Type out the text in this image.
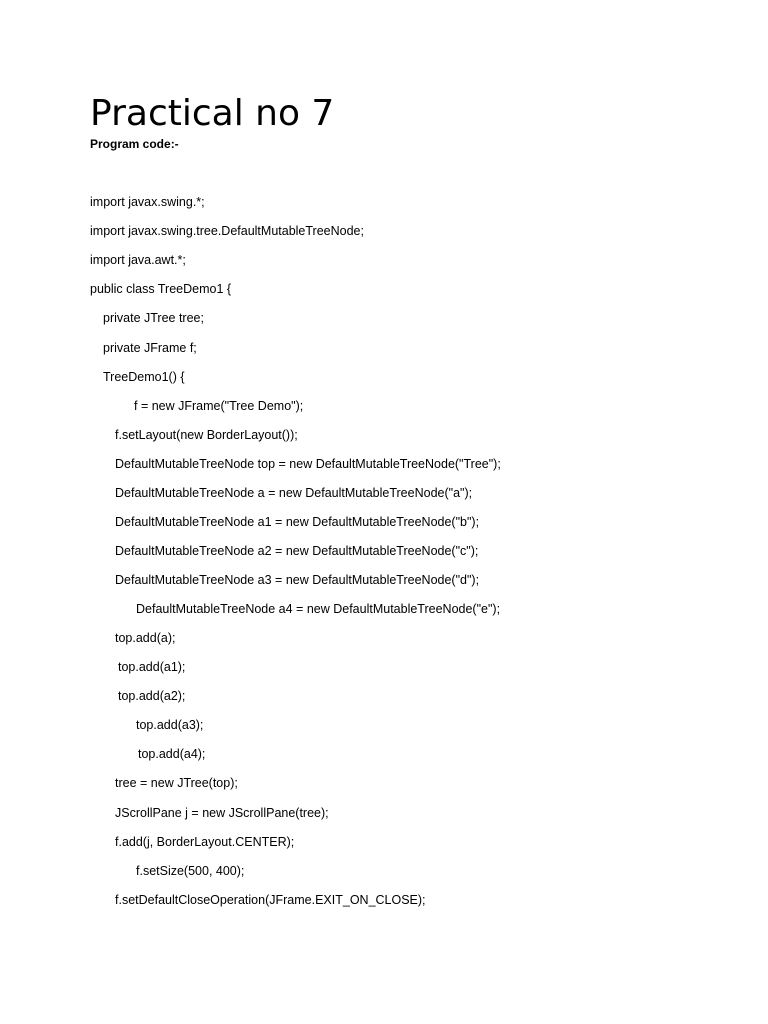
Practical no 7
Program code:-
import javax.swing.*;
import javax.swing.tree.DefaultMutableTreeNode;
import java.awt.*;
public class TreeDemo1 {
private JTree tree;
private JFrame f;
TreeDemo1() {
f = new JFrame("Tree Demo");
f.setLayout(new BorderLayout());
DefaultMutableTreeNode top = new DefaultMutableTreeNode("Tree");
DefaultMutableTreeNode a = new DefaultMutableTreeNode("a");
DefaultMutableTreeNode a1 = new DefaultMutableTreeNode("b");
DefaultMutableTreeNode a2 = new DefaultMutableTreeNode("c");
DefaultMutableTreeNode a3 = new DefaultMutableTreeNode("d");
DefaultMutableTreeNode a4 = new DefaultMutableTreeNode("e");
top.add(a);
top.add(a1);
top.add(a2);
top.add(a3);
top.add(a4);
tree = new JTree(top);
JScrollPane j = new JScrollPane(tree);
f.add(j, BorderLayout.CENTER);
f.setSize(500, 400);
f.setDefaultCloseOperation(JFrame.EXIT_ON_CLOSE);
